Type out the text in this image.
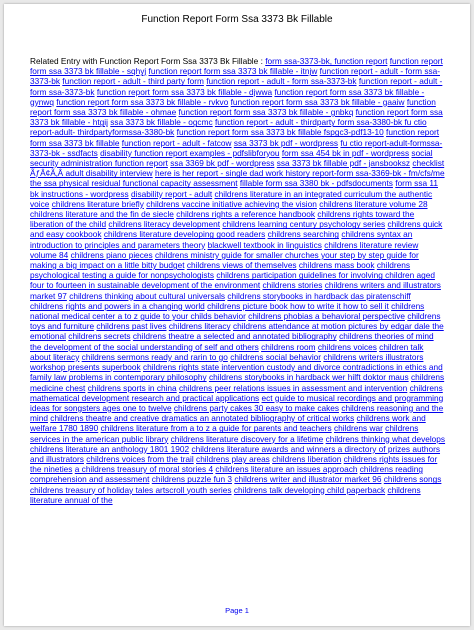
Function Report Form Ssa 3373 Bk Fillable
Related Entry with Function Report Form Ssa 3373 Bk Fillable : form ssa-3373-bk, function report function report form ssa 3373 bk fillable - sqhyj function report form ssa 3373 bk fillable - itnjw function report - adult - form ssa-3373-bk function report - adult - third party form function report - adult - form ssa-3373-bk function report - adult - form ssa-3373-bk function report form ssa 3373 bk fillable - djwwa function report form ssa 3373 bk fillable - gynwq function report form ssa 3373 bk fillable - rvkvo function report form ssa 3373 bk fillable - gaaiw function report form ssa 3373 bk fillable - ohmae function report form ssa 3373 bk fillable - gnbkq function report form ssa 3373 bk fillable - htgij ssa 3373 bk fillable - ogcmc function report - adult - thirdparty form ssa-3380-bk fu ctio report-adult- thirdpartyformssa-3380-bk function report form ssa 3373 bk fillable fspgc3-pdf13-10 function report form ssa 3373 bk fillable function report - adult - fatcow ssa 3373 bk pdf - wordpress fu ctio report-adult-formssa-3373-bk - ssdfacts disability function report examples - pdfslibforyou form ssa 454 bk in pdf - wordpress social security administration function report ssa 3369 bk pdf - wordpress ssa 3373 bk fillable pdf - jansbooksz checklist ÃƒÂ¢Ã‚Â adult disability interview here is her report - single dad work history report-form ssa-3369-bk - fm/cfs/me the ssa physical residual functional capacity assessment fillable form ssa 3380 bk - pdfsdocuments form ssa 11 bk instructions - wordpress disability report - adult childrens literature in an integrated curriculum the authentic voice childrens literature briefly childrens vaccine initiative achieving the vision childrens literature volume 28 childrens literature and the fin de siecle childrens rights a reference handbook childrens rights toward the liberation of the child childrens literacy development childrens learning century psychology series childrens quick and easy cookbook childrens literature developing good readers childrens searching childrens syntax an introduction to principles and parameters theory blackwell textbook in linguistics childrens literature review volume 84 childrens piano pieces childrens ministry guide for smaller churches your step by step guide for making a big impact on a little bitty budget childrens views of themselves childrens mass book childrens psychological testing a guide for nonpsychologists childrens participation guidelines for involving children aged four to fourteen in sustainable development of the environment childrens stories childrens writers and illustrators market 97 childrens thinking about cultural universals childrens storybooks in hardback das piratenschiff childrens rights and powers in a changing world childrens picture book how to write it how to sell it childrens national medical center a to z guide to your childs behavior childrens phobias a behavioral perspective childrens toys and furniture childrens past lives childrens literacy childrens attendance at motion pictures by edgar dale the emotional childrens secrets childrens theatre a selected and annotated bibliography childrens theories of mind the development of the social understanding of self and others childrens room childrens voices children talk about literacy childrens sermons ready and rarin to go childrens social behavior childrens writers illustrators workshop presents superbook childrens rights state intervention custody and divorce contradictions in ethics and family law problems in contemporary philosophy childrens storybooks in hardback wer hilft doktor maus childrens medicine chest childrens sports in china childrens peer relations issues in assessment and intervention childrens mathematical development research and practical applications ect guide to musical recordings and programming ideas for songsters ages one to twelve childrens party cakes 30 easy to make cakes childrens reasoning and the mind childrens theatre and creative dramatics an annotated bibliography of critical works childrens work and welfare 1780 1890 childrens literature from a to z a guide for parents and teachers childrens war childrens services in the american public library childrens literature discovery for a lifetime childrens thinking what develops childrens literature an anthology 1801 1902 childrens literature awards and winners a directory of prizes authors and illustrators childrens voices from the trail childrens play areas childrens liberation childrens rights issues for the nineties a childrens treasury of moral stories 4 childrens literature an issues approach childrens reading comprehension and assessment childrens puzzle fun 3 childrens writer and illustrator market 96 childrens songs childrens treasury of holiday tales artscroll youth series childrens talk developing child paperback childrens literature annual of the
Page 1
